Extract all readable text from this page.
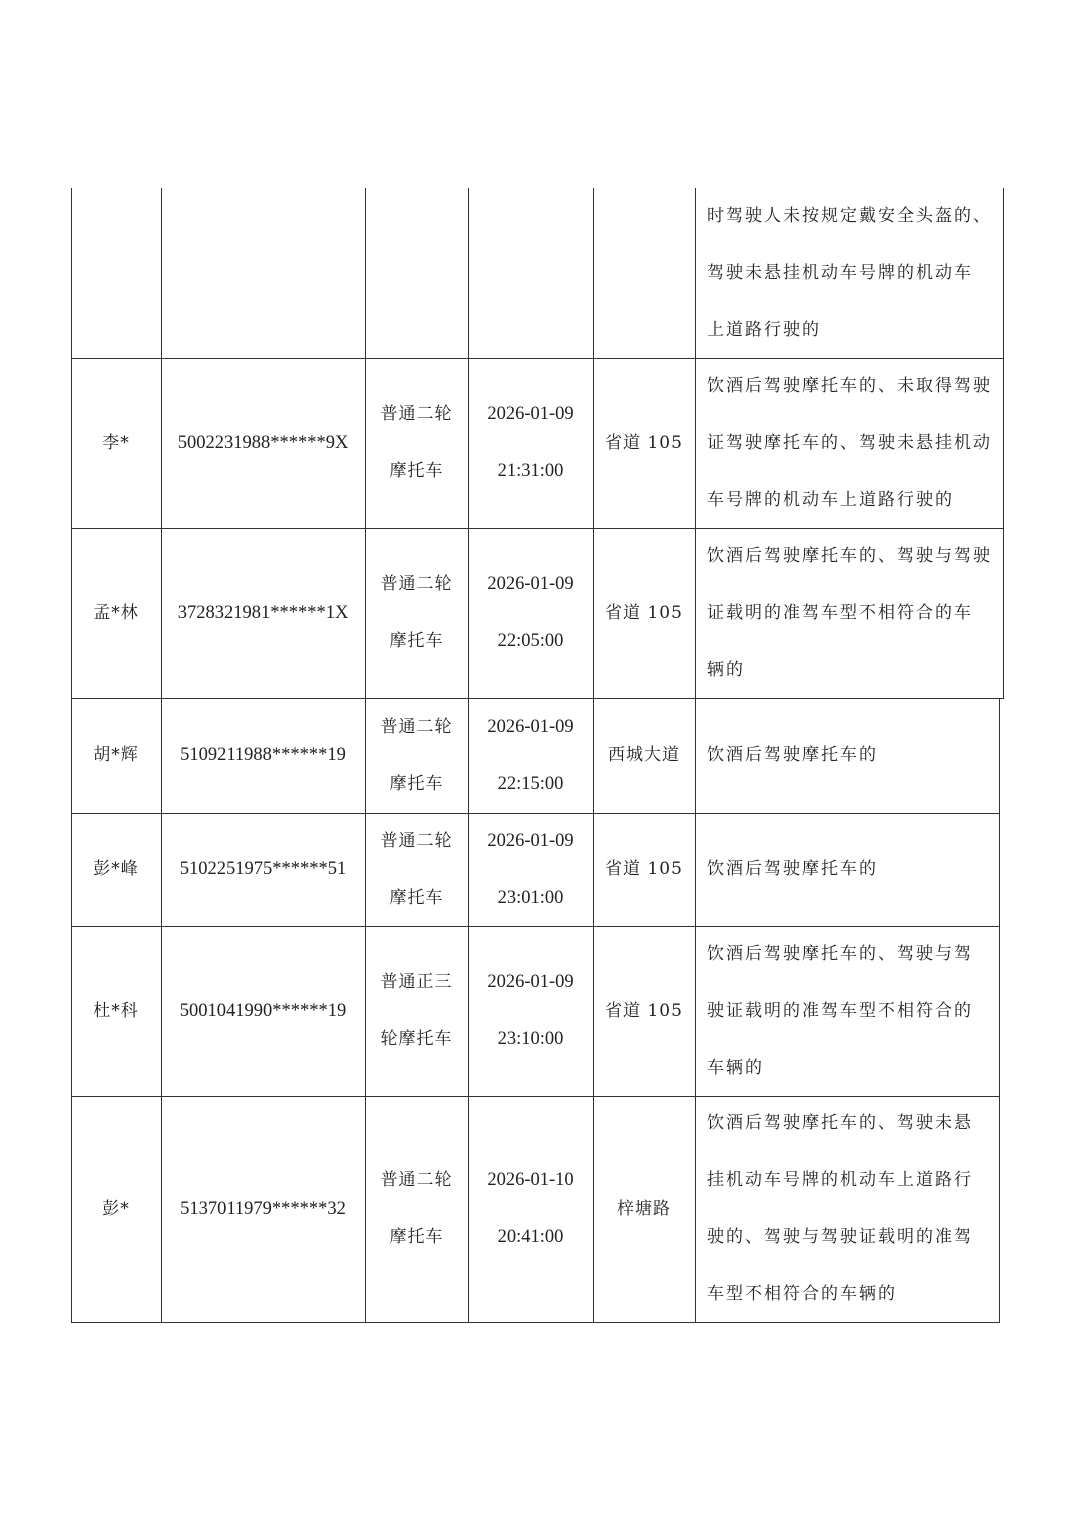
时驾驶人未按规定戴安全头盔的、
驾驶未悬挂机动车号牌的机动车
上道路行驶的
李*	5002231988******9X
普通二轮
摩托车
2026-01-09
21:31:00
省道 105
饮酒后驾驶摩托车的、未取得驾驶
证驾驶摩托车的、驾驶未悬挂机动
车号牌的机动车上道路行驶的
孟*林 3728321981******1X
普通二轮
摩托车
2026-01-09
22:05:00
省道 105
饮酒后驾驶摩托车的、驾驶与驾驶
证载明的准驾车型不相符合的车
辆的
胡*辉 5109211988******19
普通二轮
摩托车
2026-01-09
22:15:00
西城大道 饮酒后驾驶摩托车的
彭*峰 5102251975******51
普通二轮
摩托车
2026-01-09
23:01:00
省道 105 饮酒后驾驶摩托车的
杜*科 5001041990******19
普通正三
轮摩托车
2026-01-09
23:10:00
省道 105
饮酒后驾驶摩托车的、驾驶与驾
驶证载明的准驾车型不相符合的
车辆的
彭*	5137011979******32
普通二轮
摩托车
2026-01-10
20:41:00
梓塘路
饮酒后驾驶摩托车的、驾驶未悬
挂机动车号牌的机动车上道路行
驶的、驾驶与驾驶证载明的准驾
车型不相符合的车辆的
